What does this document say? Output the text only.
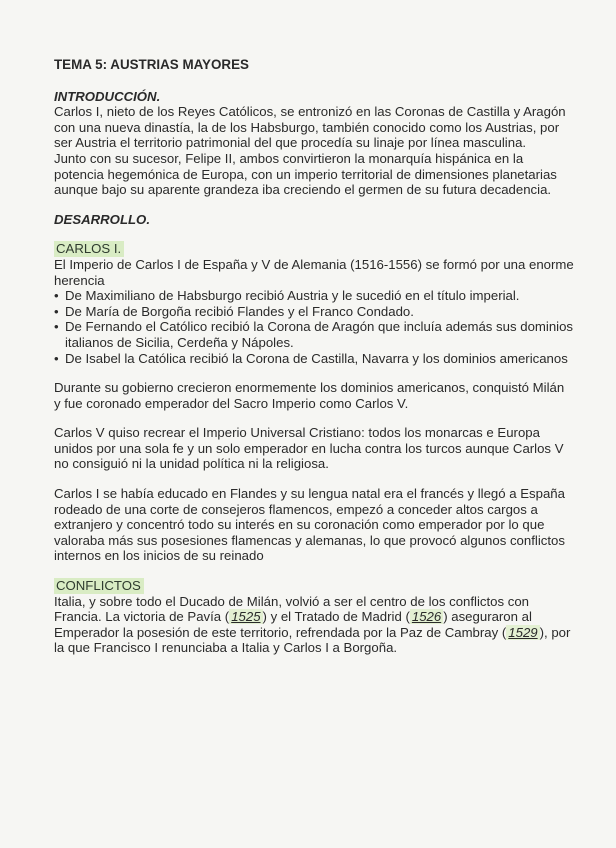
TEMA 5: AUSTRIAS MAYORES

INTRODUCCIÓN.

Carlos I, nieto de los Reyes Católicos, se entronizó en las Coronas de Castilla y Aragón con una nueva dinastía, la de los Habsburgo, también conocido como los Austrias, por ser Austria el territorio patrimonial del que procedía su linaje por línea masculina.

Junto con su sucesor, Felipe II, ambos convirtieron la monarquía hispánica en la potencia hegemónica de Europa, con un imperio territorial de dimensiones planetarias aunque bajo su aparente grandeza iba creciendo el germen de su futura decadencia.

DESARROLLO.

CARLOS I.

El Imperio de Carlos I de España y V de Alemania (1516-1556) se formó por una enorme herencia

• De Maximiliano de Habsburgo recibió Austria y le sucedió en el título imperial.
• De María de Borgoña recibió Flandes y el Franco Condado.
• De Fernando el Católico recibió la Corona de Aragón que incluía además sus dominios italianos de Sicilia, Cerdeña y Nápoles.
• De Isabel la Católica recibió la Corona de Castilla, Navarra y los dominios americanos

Durante su gobierno crecieron enormemente los dominios americanos, conquistó Milán y fue coronado emperador del Sacro Imperio como Carlos V.

Carlos V quiso recrear el Imperio Universal Cristiano: todos los monarcas e Europa unidos por una sola fe y un solo emperador en lucha contra los turcos aunque Carlos V no consiguió ni la unidad política ni la religiosa.

Carlos I se había educado en Flandes y su lengua natal era el francés y llegó a España rodeado de una corte de consejeros flamencos, empezó a conceder altos cargos a extranjero y concentró todo su interés en su coronación como emperador por lo que valoraba más sus posesiones flamencas y alemanas, lo que provocó algunos conflictos internos en los inicios de su reinado

CONFLICTOS

Italia, y sobre todo el Ducado de Milán, volvió a ser el centro de los conflictos con Francia. La victoria de Pavía ( 1525 ) y el Tratado de Madrid ( 1526 ) aseguraron al Emperador la posesión de este territorio, refrendada por la Paz de Cambray ( 1529 ), por la que Francisco I renunciaba a Italia y Carlos I a Borgoña.
